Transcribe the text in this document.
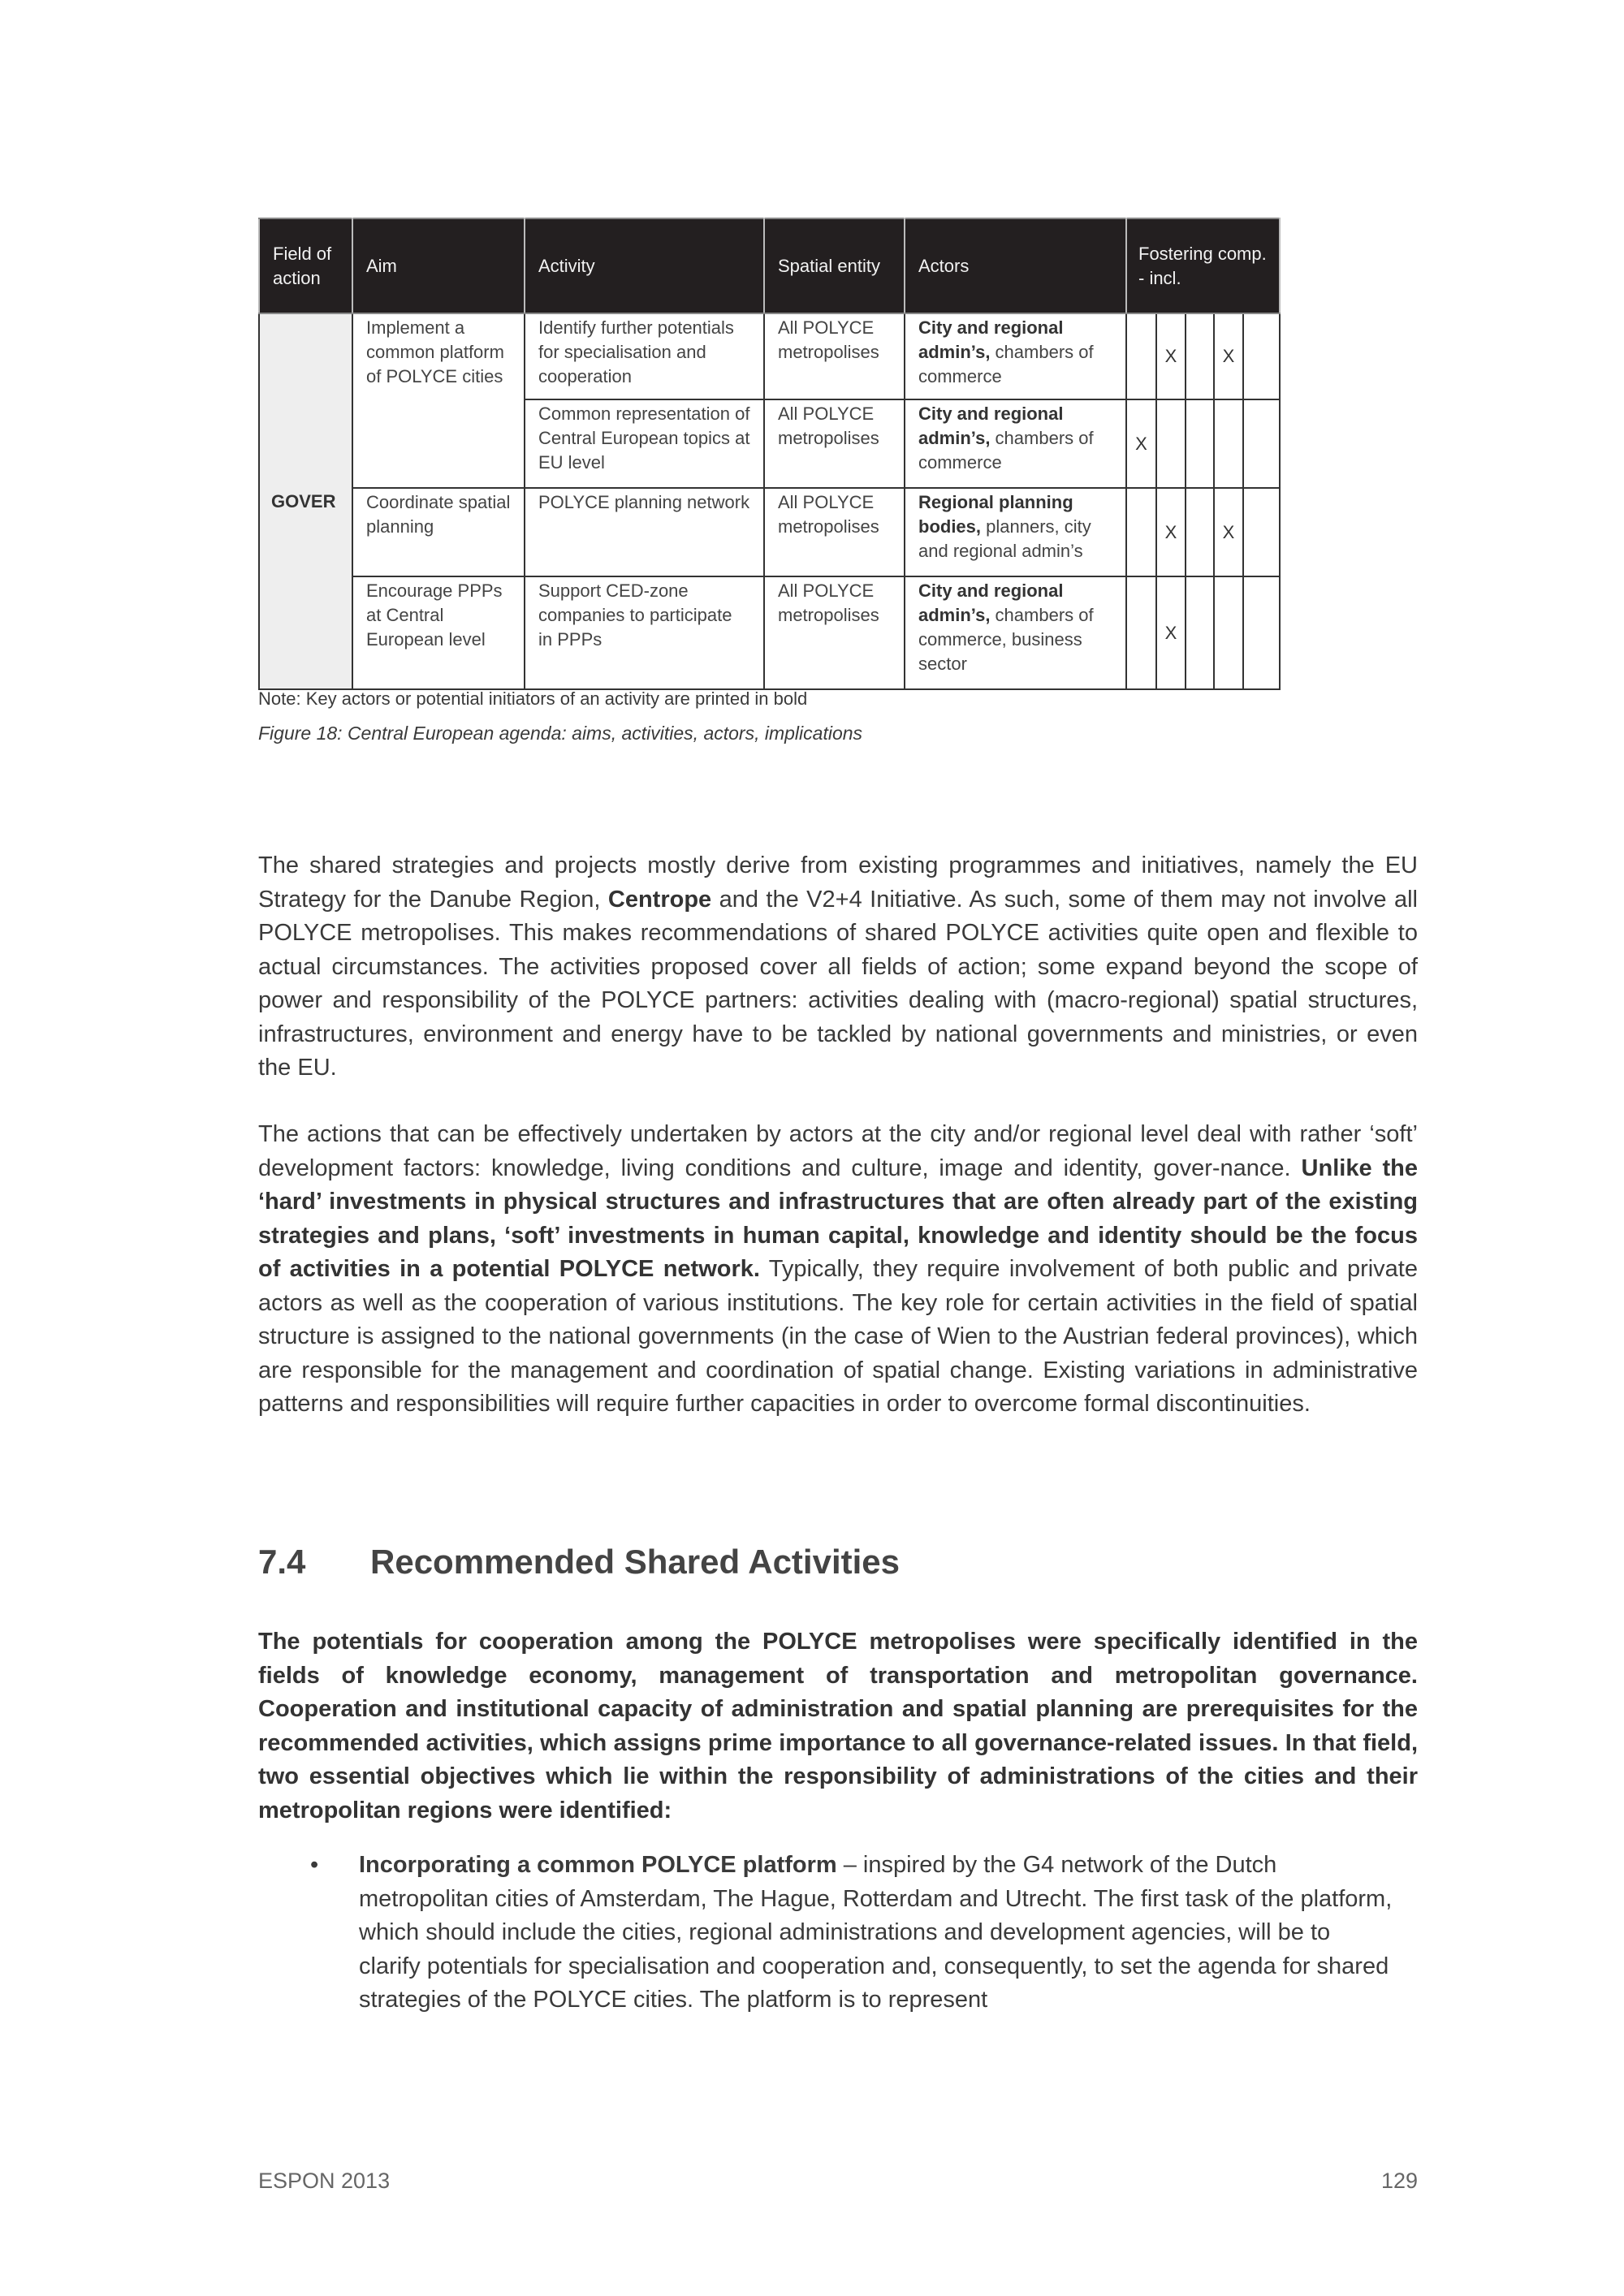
Field of action	Aim	Activity	Spatial entity	Actors	Fostering comp. - incl.				
GOVER	Implement a common platform of POLYCE cities	Identify further potentials for specialisation and cooperation	All POLYCE metropolises	City and regional admin’s, chambers of commerce		X		X	
		Common representation of Central European topics at EU level	All POLYCE metropolises	City and regional admin’s, chambers of commerce	X				
	Coordinate spatial planning	POLYCE planning network	All POLYCE metropolises	Regional planning bodies, planners, city and regional admin’s		X		X	
	Encourage PPPs at Central European level	Support CED-zone companies to participate in PPPs	All POLYCE metropolises	City and regional admin’s, chambers of commerce, business sector		X			
Note: Key actors or potential initiators of an activity are printed in bold
Figure 18: Central European agenda: aims, activities, actors, implications

The shared strategies and projects mostly derive from existing programmes and initiatives, namely the EU Strategy for the Danube Region, Centrope and the V2+4 Initiative. As such, some of them may not involve all POLYCE metropolises. This makes recommendations of shared POLYCE activities quite open and flexible to actual circumstances. The activities proposed cover all fields of action; some expand beyond the scope of power and responsibility of the POLYCE partners: activities dealing with (macro-regional) spatial structures, infrastructures, environment and energy have to be tackled by national governments and ministries, or even the EU.

The actions that can be effectively undertaken by actors at the city and/or regional level deal with rather ‘soft’ development factors: knowledge, living conditions and culture, image and identity, gover-nance. Unlike the ‘hard’ investments in physical structures and infrastructures that are often already part of the existing strategies and plans, ‘soft’ investments in human capital, knowledge and identity should be the focus of activities in a potential POLYCE network. Typically, they require involvement of both public and private actors as well as the cooperation of various institutions. The key role for certain activities in the field of spatial structure is assigned to the national governments (in the case of Wien to the Austrian federal provinces), which are responsible for the management and coordination of spatial change. Existing variations in administrative patterns and responsibilities will require further capacities in order to overcome formal discontinuities.

7.4 Recommended Shared Activities

The potentials for cooperation among the POLYCE metropolises were specifically identified in the fields of knowledge economy, management of transportation and metropolitan governance. Cooperation and institutional capacity of administration and spatial planning are prerequisites for the recommended activities, which assigns prime importance to all governance-related issues. In that field, two essential objectives which lie within the responsibility of administrations of the cities and their metropolitan regions were identified:

•	Incorporating a common POLYCE platform – inspired by the G4 network of the Dutch metropolitan cities of Amsterdam, The Hague, Rotterdam and Utrecht. The first task of the platform, which should include the cities, regional administrations and development agencies, will be to clarify potentials for specialisation and cooperation and, consequently, to set the agenda for shared strategies of the POLYCE cities. The platform is to represent
ESPON 2013	129
